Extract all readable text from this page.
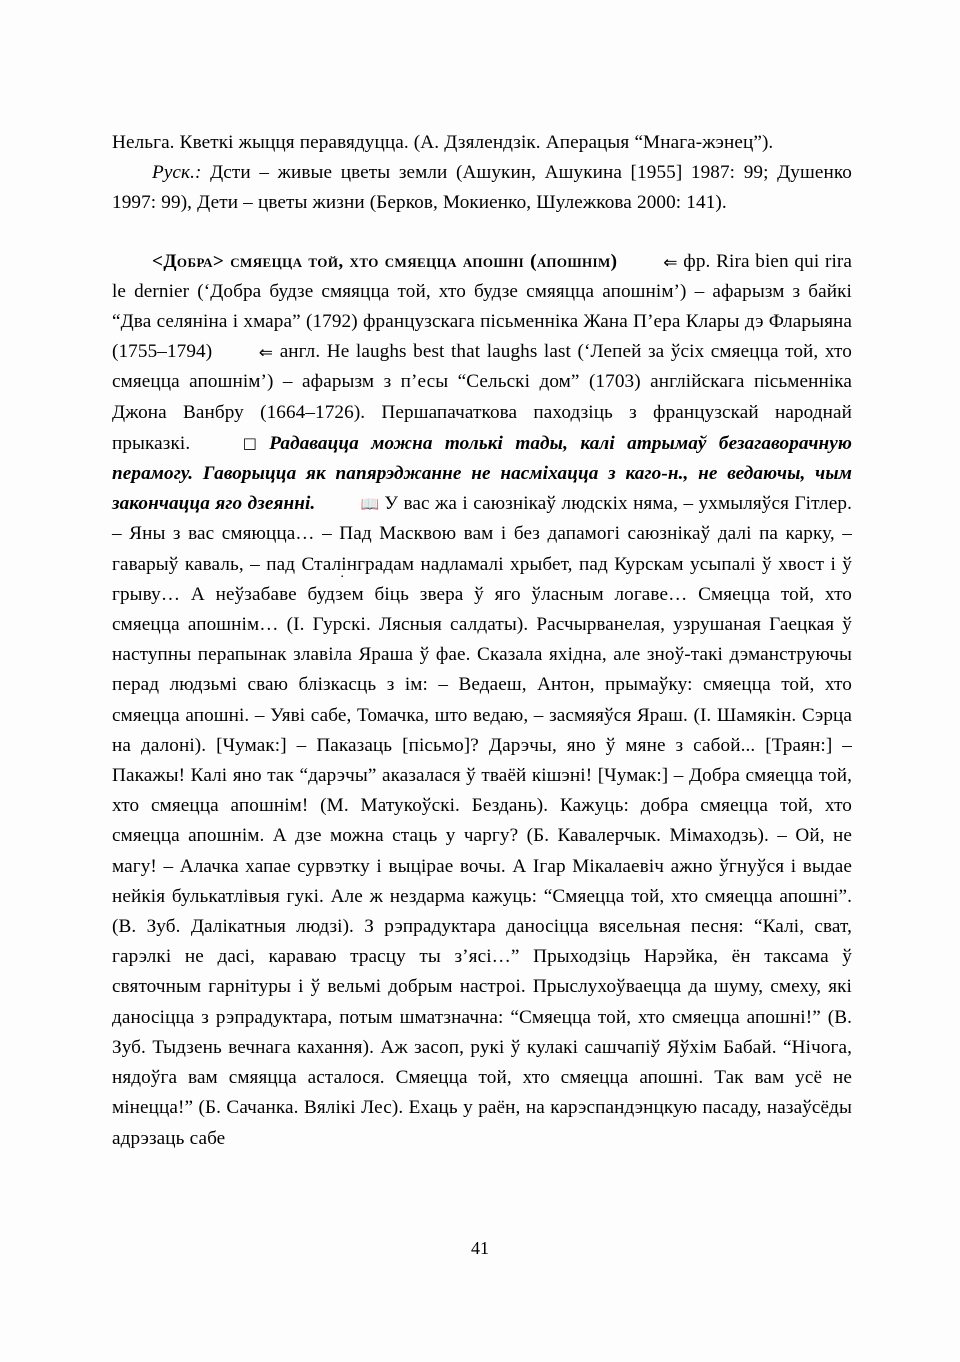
Нельга. Кветкі жыцця перавядуцца. (А. Дзялендзік. Аперацыя “Мнага-жэнец”).

Руск.: Дсти – живые цветы земли (Ашукин, Ашукина [1955] 1987: 99; Душенко 1997: 99), Дети – цветы жизни (Берков, Мокиенко, Шулежкова 2000: 141).

<Добра> смяецца той, хто смяецца апошні (апошнім)	⇐ фр. Rira bien qui rira le dernier (‘Добра будзе смяяцца той, хто будзе смяяцца апошнім’) – афарызм з байкі “Два селяніна і хмара” (1792) французскага пісьменніка Жана П’ера Клары дэ Фларыяна (1755–1794)	⇐ англ. He laughs best that laughs last (‘Лепей за ўсіх смяецца той, хто смяецца апошнім’) – афарызм з п’есы “Сельскі дом” (1703) англійскага пісьменніка Джона Ванбру (1664–1726). Першапачаткова паходзіць з французскай народнай прыказкі.	□ Радавацца можна толькі тады, калі атрымаў безагаворачную перамогу. Гаворыцца як папярэджанне не насміхацца з каго-н., не ведаючы, чым закончацца яго дзеянні.	📖 У вас жа і саюзнікаў людскіх няма, – ухмыляўся Гітлер. – Яны з вас смяюцца… – Пад Масквою вам і без дапамогі саюзнікаў далі па карку, – гаварыў каваль, – пад Сталінградам надламалі хрыбет, пад Курскам усыпалі ў хвост і ў грыву… А неўзабаве будзем біць звера ў яго ўласным логаве… Смяецца той, хто смяецца апошнім… (І. Гурскі. Лясныя салдаты). Расчырванелая, узрушаная Гаецкая ў наступны перапынак злавіла Яраша ў фае. Сказала яхідна, але зноў-такі дэманструючы перад людзьмі сваю блізкасць з ім: – Ведаеш, Антон, прымаўку: смяецца той, хто смяецца апошні. – Уяві сабе, Томачка, што ведаю, – засмяяўся Яраш. (І. Шамякін. Сэрца на далоні). [Чумак:] – Паказаць [пісьмо]? Дарэчы, яно ў мяне з сабой... [Траян:] – Пакажы! Калі яно так “дарэчы” аказалася ў тваёй кішэні! [Чумак:] – Добра смяецца той, хто смяецца апошнім! (М. Матукоўскі. Бездань). Кажуць: добра смяецца той, хто смяецца апошнім. А дзе можна стаць у чаргу? (Б. Кавалерчык. Мімаходзь). – Ой, не магу! – Алачка хапае сурвэтку і выцірае вочы. А Ігар Мікалаевіч ажно ўгнуўся і выдае нейкія булькатлівыя гукі. Але ж нездарма кажуць: “Смяецца той, хто смяецца апошні”. (В. Зуб. Далікатныя людзі). З рэпрадуктара даносіцца вясельная песня: “Калі, сват, гарэлкі не дасі, караваю трасцу ты з’ясі…” Прыходзіць Нарэйка, ён таксама ў святочным гарнітуры і ў вельмі добрым настроі. Прыслухоўваецца да шуму, смеху, які даносіцца з рэпрадуктара, потым шматзначна: “Смяецца той, хто смяецца апошні!” (В. Зуб. Тыдзень вечнага кахання). Аж засоп, рукі ў кулакі сашчапіў Яўхім Бабай. “Нічога, нядоўга вам смяяцца асталося. Смяецца той, хто смяецца апошні. Так вам усё не мінецца!” (Б. Сачанка. Вялікі Лес). Ехаць у раён, на карэспандэнцкую пасаду, назаўсёды адрэзаць сабе

41
